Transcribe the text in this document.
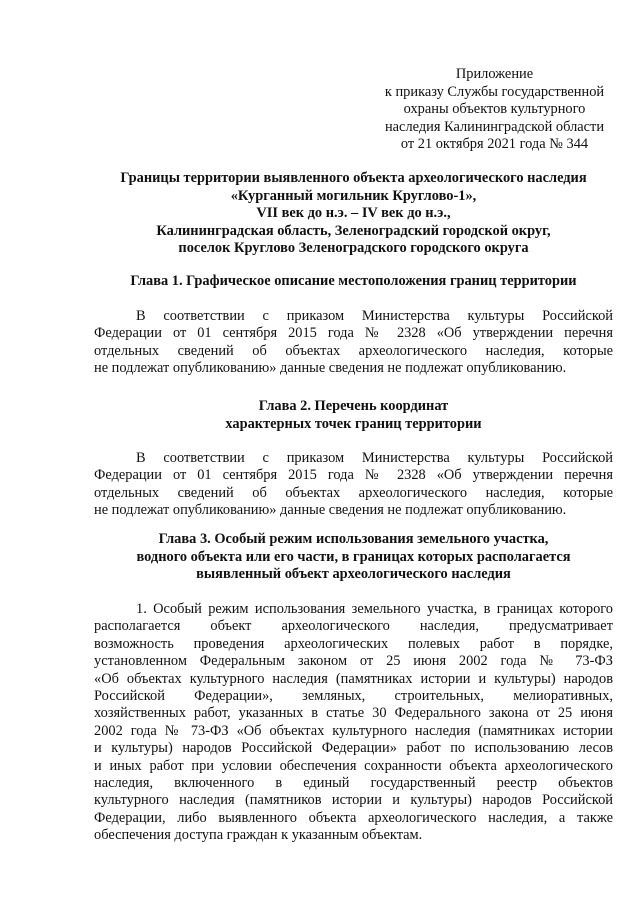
Приложение
к приказу Службы государственной
охраны объектов культурного
наследия Калининградской области
от 21 октября 2021 года № 344
Границы территории выявленного объекта археологического наследия
«Курганный могильник Круглово-1»,
VII век до н.э. – IV век до н.э.,
Калининградская область, Зеленоградский городской округ,
поселок Круглово Зеленоградского городского округа
Глава 1. Графическое описание местоположения границ территории
В соответствии с приказом Министерства культуры Российской
Федерации от 01 сентября 2015 года № 2328 «Об утверждении перечня
отдельных сведений об объектах археологического наследия, которые
не подлежат опубликованию» данные сведения не подлежат опубликованию.
Глава 2. Перечень координат
характерных точек границ территории
В соответствии с приказом Министерства культуры Российской
Федерации от 01 сентября 2015 года № 2328 «Об утверждении перечня
отдельных сведений об объектах археологического наследия, которые
не подлежат опубликованию» данные сведения не подлежат опубликованию.
Глава 3. Особый режим использования земельного участка,
водного объекта или его части, в границах которых располагается
выявленный объект археологического наследия
1. Особый режим использования земельного участка, в границах которого
располагается объект археологического наследия, предусматривает
возможность проведения археологических полевых работ в порядке,
установленном Федеральным законом от 25 июня 2002 года № 73-ФЗ
«Об объектах культурного наследия (памятниках истории и культуры) народов
Российской Федерации», земляных, строительных, мелиоративных,
хозяйственных работ, указанных в статье 30 Федерального закона от 25 июня
2002 года № 73-ФЗ «Об объектах культурного наследия (памятниках истории
и культуры) народов Российской Федерации» работ по использованию лесов
и иных работ при условии обеспечения сохранности объекта археологического
наследия, включенного в единый государственный реестр объектов
культурного наследия (памятников истории и культуры) народов Российской
Федерации, либо выявленного объекта археологического наследия, а также
обеспечения доступа граждан к указанным объектам.
